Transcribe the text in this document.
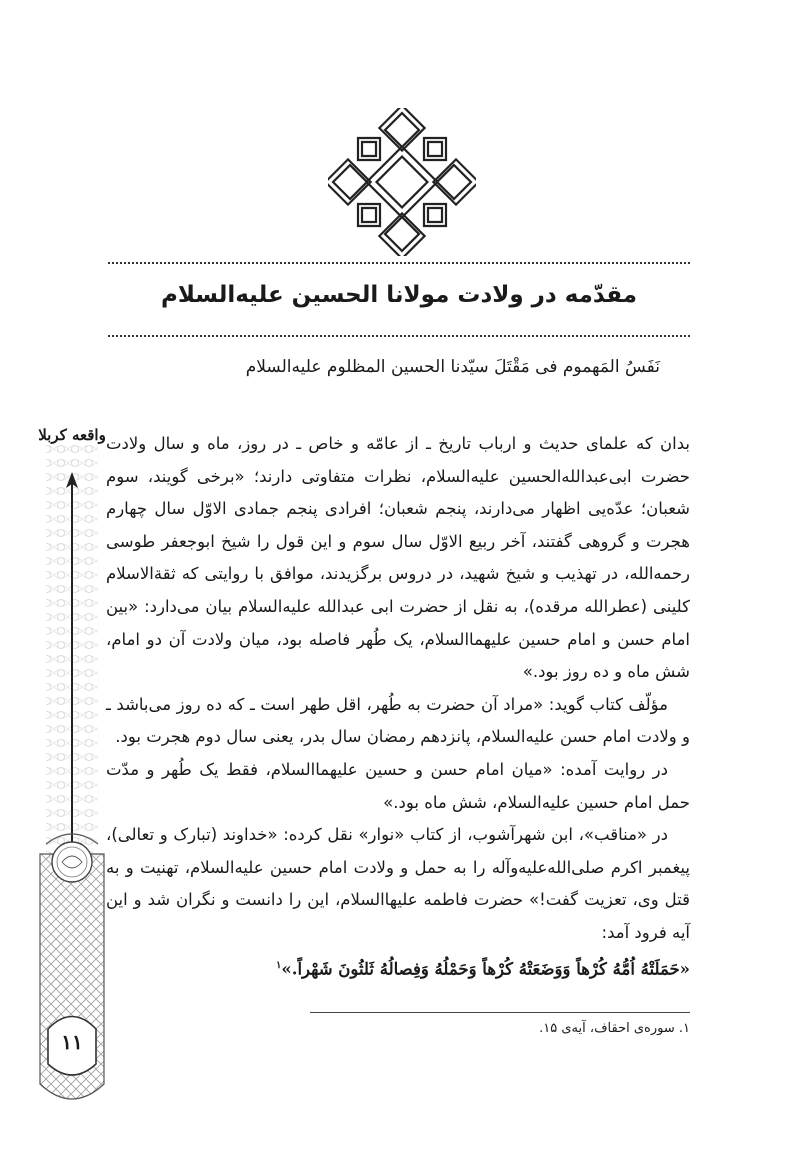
مقدّمه در ولادت مولانا الحسین علیه‌السلام
نَفَسُ المَهموم فی مَقْتَلَ سیّدنا الحسین المظلوم علیه‌السلام
واقعه کربلا
۱۱

بدان که علمای حدیث و ارباب تاریخ ـ از عامّه و خاص ـ در روز، ماه و سال ولادت حضرت ابی‌عبدالله‌الحسین علیه‌السلام، نظرات متفاوتی دارند؛ «برخی گویند، سوم شعبان؛ عدّه‌یی اظهار می‌دارند، پنجم شعبان؛ افرادی پنجم جمادی الاوّل سال چهارم هجرت و گروهی گفتند، آخر ربیع الاوّل سال سوم و این قول را شیخ ابوجعفر طوسی رحمه‌الله، در تهذیب و شیخ شهید، در دروس برگزیدند، موافق با روایتی که ثقةالاسلام کلینی (عطرالله مرقده)، به نقل از حضرت ابی عبدالله علیه‌السلام بیان می‌دارد: «بین امام حسن و امام حسین علیهماالسلام، یک طُهر فاصله بود، میان ولادت آن دو امام، شش ماه و ده روز بود.»

مؤلّف کتاب گوید: «مراد آن حضرت به طُهر، اقل طهر است ـ که ده روز می‌باشد ـ و ولادت امام حسن علیه‌السلام، پانزدهم رمضان سال بدر، یعنی سال دوم هجرت بود.

در روایت آمده: «میان امام حسن و حسین علیهماالسلام، فقط یک طُهر و مدّت حمل امام حسین علیه‌السلام، شش ماه بود.»

در «مناقب»، ابن شهرآشوب، از کتاب «نوار» نقل کرده: «خداوند (تبارک و تعالی)، پیغمبر اکرم صلی‌الله‌علیه‌وآله را به حمل و ولادت امام حسین علیه‌السلام، تهنیت و به قتل وی، تعزیت گفت!» حضرت فاطمه علیهاالسلام، این را دانست و نگران شد و این آیه فرود آمد:

«حَمَلَتْهُ اُمُّهُ کُرْهاً وَوَضَعَتْهُ کُرْهاً وَحَمْلُهُ وَفِصالُهُ ثَلثُونَ شَهْراً.»$^۱$

۱. سوره‌ی احقاف، آیه‌ی ۱۵.
